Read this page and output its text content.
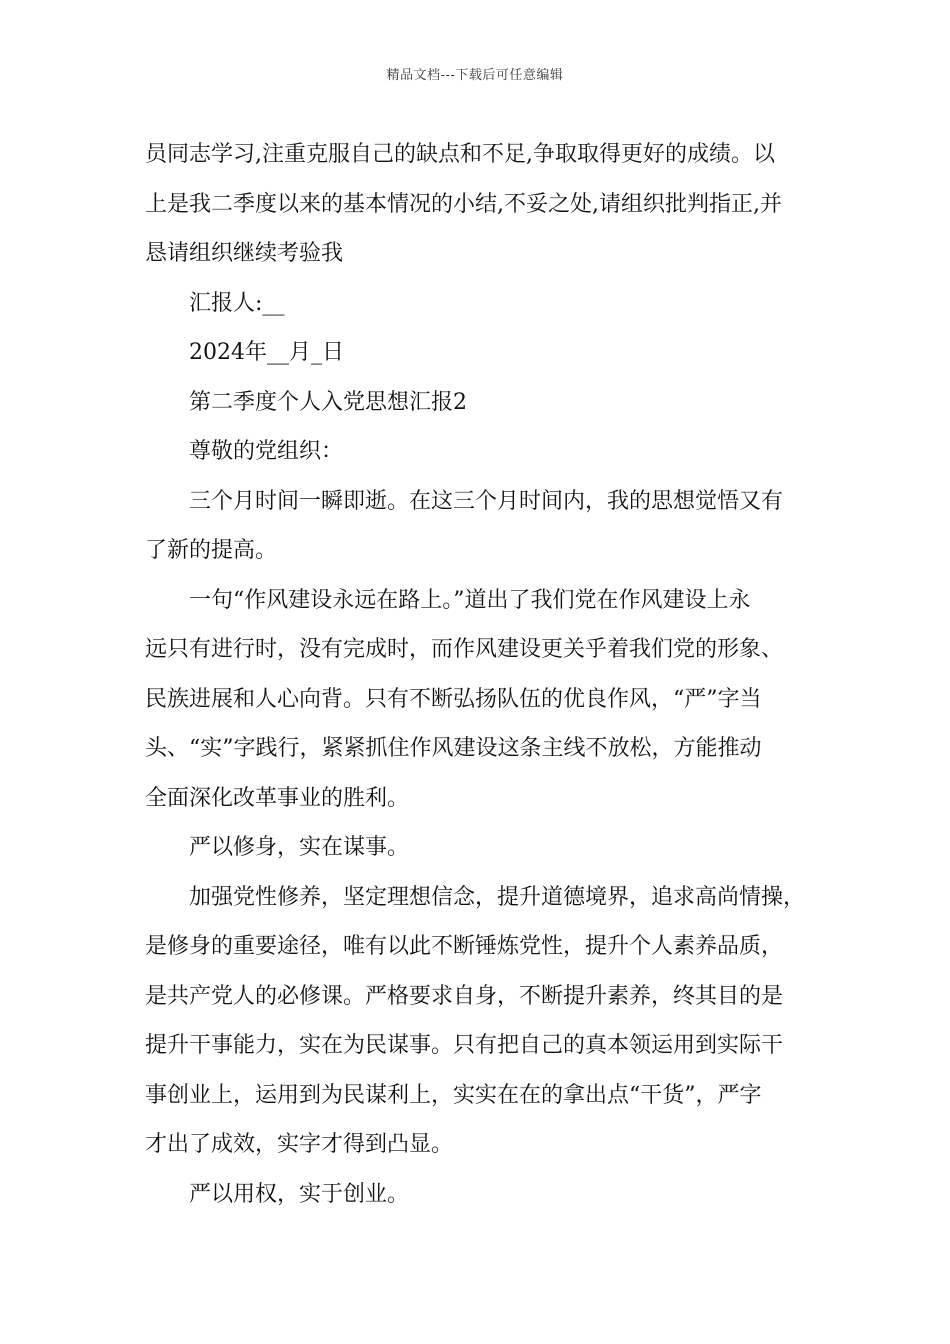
精品文档---下载后可任意编辑

员同志学习,注重克服自己的缺点和不足,争取取得更好的成绩。以
上是我二季度以来的基本情况的小结,不妥之处,请组织批判指正,并
恳请组织继续考验我

汇报人:__

2024年__月_日

第二季度个人入党思想汇报2

尊敬的党组织：

三个月时间一瞬即逝。在这三个月时间内，我的思想觉悟又有
了新的提高。

一句“作风建设永远在路上。”道出了我们党在作风建设上永
远只有进行时，没有完成时，而作风建设更关乎着我们党的形象、
民族进展和人心向背。只有不断弘扬队伍的优良作风，“严”字当
头、“实”字践行，紧紧抓住作风建设这条主线不放松，方能推动
全面深化改革事业的胜利。

严以修身，实在谋事。

加强党性修养，坚定理想信念，提升道德境界，追求高尚情操，
是修身的重要途径，唯有以此不断锤炼党性，提升个人素养品质，
是共产党人的必修课。严格要求自身，不断提升素养，终其目的是
提升干事能力，实在为民谋事。只有把自己的真本领运用到实际干
事创业上，运用到为民谋利上，实实在在的拿出点“干货”，严字
才出了成效，实字才得到凸显。

严以用权，实于创业。
